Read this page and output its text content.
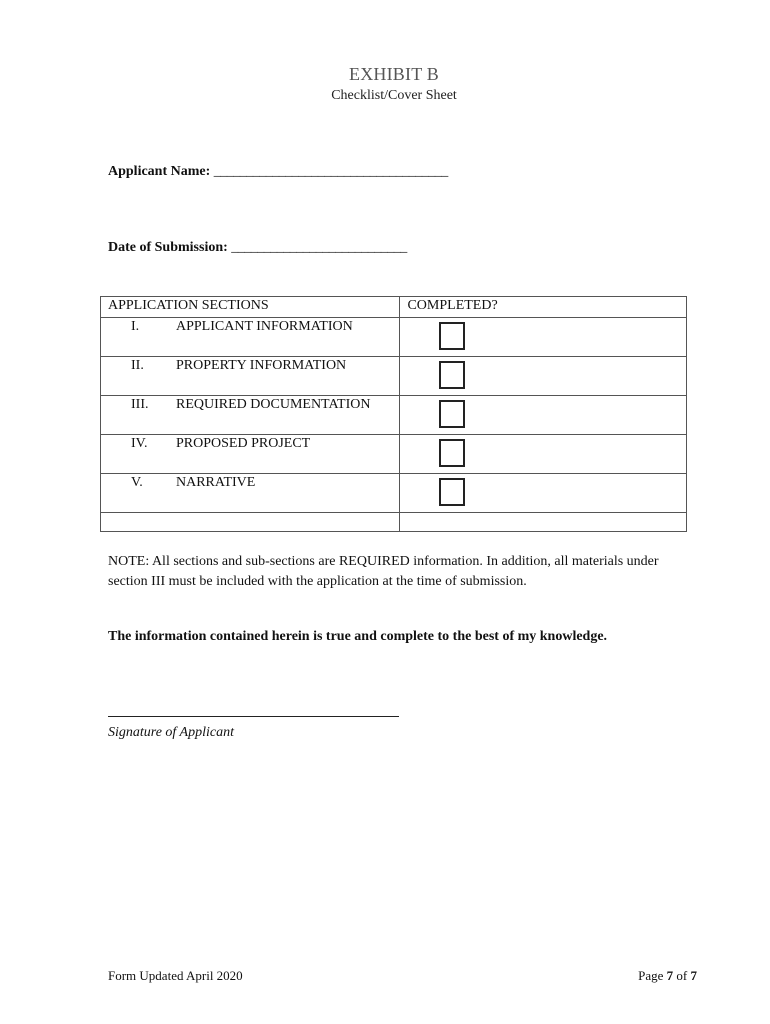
EXHIBIT B
Checklist/Cover Sheet
Applicant Name: ____________________________________
Date of Submission: ___________________________
APPLICATION SECTIONS	COMPLETED?

I. APPLICANT INFORMATION	

II. PROPERTY INFORMATION	

III. REQUIRED DOCUMENTATION	

IV. PROPOSED PROJECT	

V. NARRATIVE	

NOTE: All sections and sub-sections are REQUIRED information. In addition, all materials under section III must be included with the application at the time of submission.
The information contained herein is true and complete to the best of my knowledge.
Signature of Applicant
Form Updated April 2020	Page 7 of 7
